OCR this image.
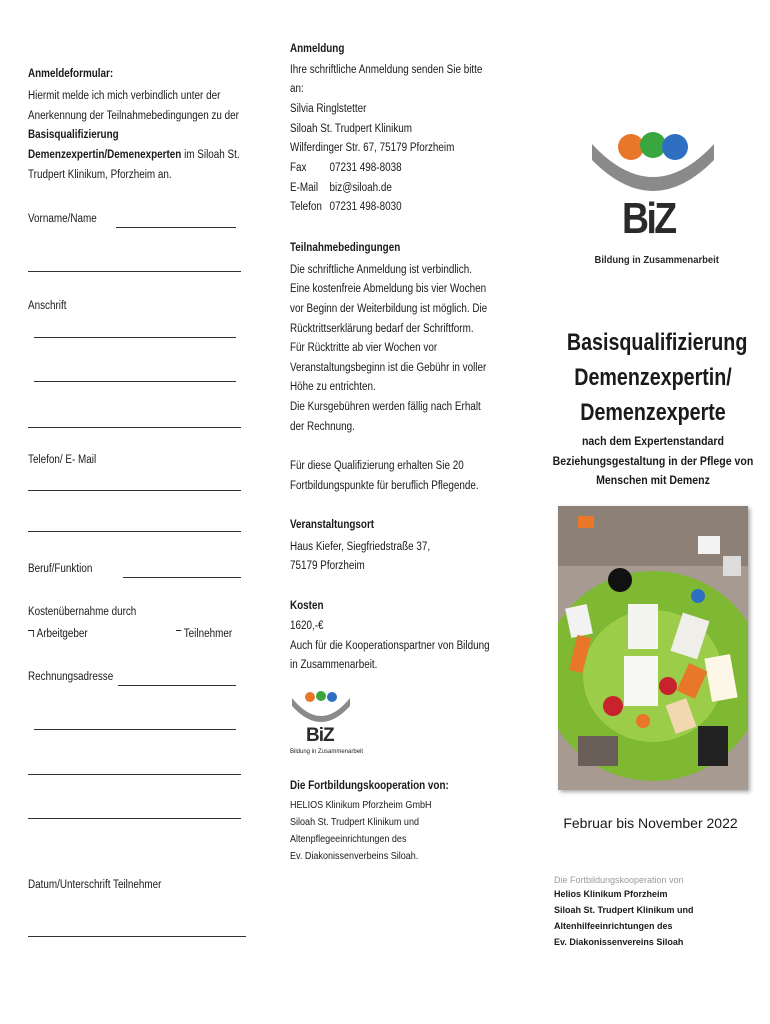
Anmeldeformular:
Hiermit melde ich mich verbindlich unter der
Anerkennung der Teilnahmebedingungen zu der
Basisqualifizierung
Demenzexpertin/Demenexperten im Siloah St.
Trudpert Klinikum, Pforzheim an.
Vorname/Name
Anschrift
Telefon/ E- Mail
Beruf/Funktion
Kostenübernahme durch
Arbeitgeber	Teilnehmer
Rechnungsadresse
Datum/Unterschrift Teilnehmer
Anmeldung
Ihre schriftliche Anmeldung senden Sie bitte
an:
Silvia Ringlstetter
Siloah St. Trudpert Klinikum
Wilferdinger Str. 67, 75179 Pforzheim
Fax 07231 498-8038
E-Mail biz@siloah.de
Telefon 07231 498-8030
Teilnahmebedingungen
Die schriftliche Anmeldung ist verbindlich.
Eine kostenfreie Abmeldung bis vier Wochen
vor Beginn der Weiterbildung ist möglich. Die
Rücktrittserklärung bedarf der Schriftform.
Für Rücktritte ab vier Wochen vor
Veranstaltungsbeginn ist die Gebühr in voller
Höhe zu entrichten.
Die Kursgebühren werden fällig nach Erhalt
der Rechnung.
Für diese Qualifizierung erhalten Sie 20
Fortbildungspunkte für beruflich Pflegende.
Veranstaltungsort
Haus Kiefer, Siegfriedstraße 37,
75179 Pforzheim
Kosten
1620,-€
Auch für die Kooperationspartner von Bildung
in Zusammenarbeit.
BiZ
Bildung in Zusammenarbeit
Die Fortbildungskooperation von:
HELIOS Klinikum Pforzheim GmbH
Siloah St. Trudpert Klinikum und
Altenpflegeeinrichtungen des
Ev. Diakonissenverbeins Siloah.
BiZ
Bildung in Zusammenarbeit
Basisqualifizierung
Demenzexpertin/
Demenzexperte
nach dem Expertenstandard
Beziehungsgestaltung in der Pflege von
Menschen mit Demenz
Februar bis November 2022
Die Fortbildungskooperation von
Helios Klinikum Pforzheim
Siloah St. Trudpert Klinikum und
Altenhilfeeinrichtungen des
Ev. Diakonissenvereins Siloah
